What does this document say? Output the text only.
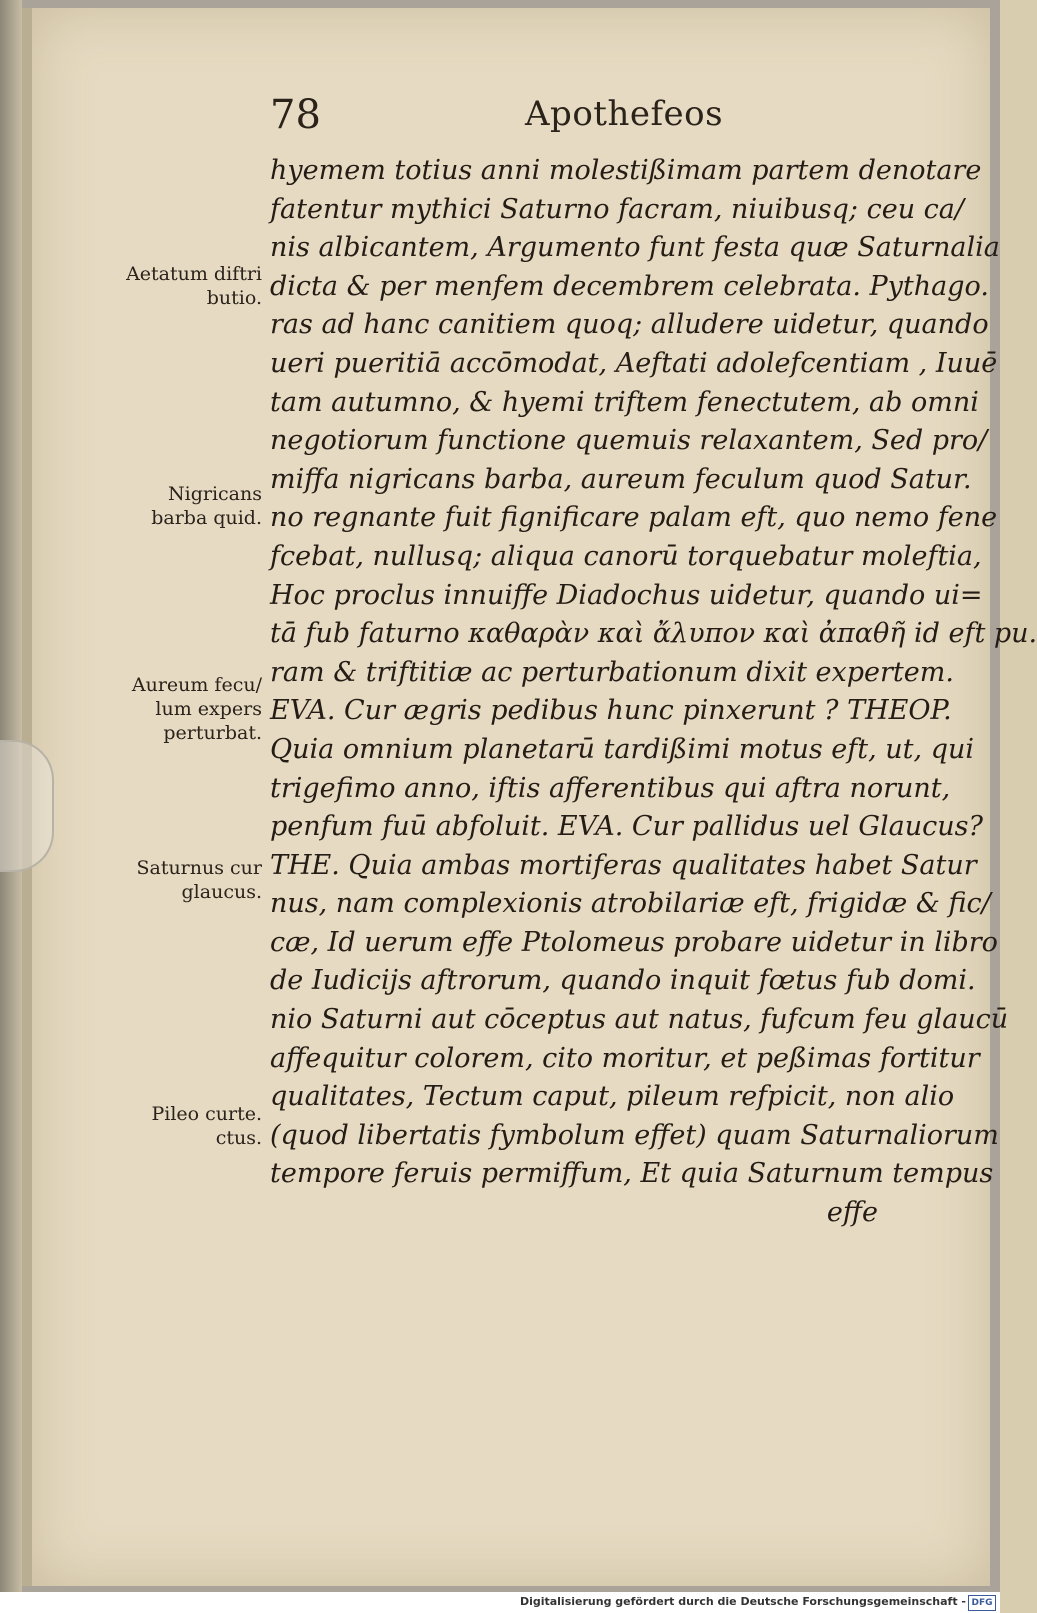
78	Apothefeos
Aetatum diftri
butio.
Nigricans
barba quid.
Aureum fecu/
lum expers
perturbat.
Saturnus cur
glaucus.
Pileo curte.
ctus.
hyemem totius anni molestißimam partem denotare
fatentur mythici Saturno facram, niuibusq; ceu ca/
nis albicantem, Argumento funt festa quæ Saturnalia
dicta & per menfem decembrem celebrata. Pythago.
ras ad hanc canitiem quoq; alludere uidetur, quando
ueri pueritiā accōmodat, Aeftati adolefcentiam , Iuuē
tam autumno, & hyemi triftem fenectutem, ab omni
negotiorum functione quemuis relaxantem, Sed pro/
miffa nigricans barba, aureum feculum quod Satur.
no regnante fuit fignificare palam eft, quo nemo fene
fcebat, nullusq; aliqua canorū torquebatur moleftia,
Hoc proclus innuiffe Diadochus uidetur, quando ui=
tā fub faturno καθαρὰν καὶ ἄλυπον καὶ ἀπαθῆ id eft pu.
ram & triftitiæ ac perturbationum dixit expertem.
EVA. Cur ægris pedibus hunc pinxerunt ? THEOP.
Quia omnium planetarū tardißimi motus eft, ut, qui
trigefimo anno, iftis afferentibus qui aftra norunt,
penfum fuū abfoluit. EVA. Cur pallidus uel Glaucus?
THE. Quia ambas mortiferas qualitates habet Satur
nus, nam complexionis atrobilariæ eft, frigidæ & fic/
cæ, Id uerum effe Ptolomeus probare uidetur in libro
de Iudicijs aftrorum, quando inquit fœtus fub domi.
nio Saturni aut cōceptus aut natus, fufcum feu glaucū
affequitur colorem, cito moritur, et peßimas fortitur
qualitates, Tectum caput, pileum refpicit, non alio
(quod libertatis fymbolum effet) quam Saturnaliorum
tempore feruis permiffum, Et quia Saturnum tempus
effe
Digitalisierung gefördert durch die Deutsche Forschungsgemeinschaft - DFG
